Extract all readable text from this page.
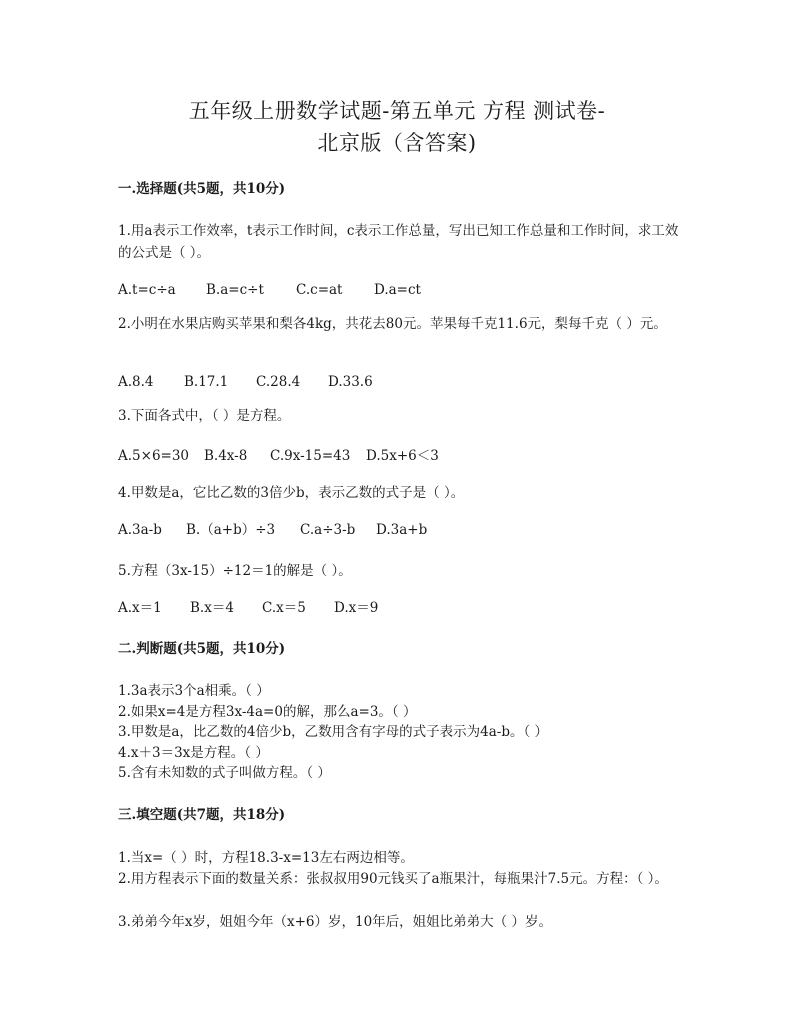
五年级上册数学试题-第五单元 方程 测试卷-
北京版（含答案)
一.选择题(共5题，共10分)
1.用a表示工作效率，t表示工作时间，c表示工作总量，写出已知工作总量和工作时间，求工效的公式是（ ）。
A.t=c÷a B.a=c÷t C.c=at D.a=ct
2.小明在水果店购买苹果和梨各4kg，共花去80元。苹果每千克11.6元，梨每千克（ ）元。
A.8.4 B.17.1 C.28.4 D.33.6
3.下面各式中，（ ）是方程。
A.5×6=30 B.4x-8 C.9x-15=43 D.5x+6＜3
4.甲数是a，它比乙数的3倍少b，表示乙数的式子是（ ）。
A.3a-b B.（a+b）÷3 C.a÷3-b D.3a+b
5.方程（3x-15）÷12＝1的解是（ ）。
A.x＝1 B.x＝4 C.x＝5 D.x＝9
二.判断题(共5题，共10分)
1.3a表示3个a相乘。（ ）
2.如果x=4是方程3x-4a=0的解，那么a=3。（ ）
3.甲数是a，比乙数的4倍少b，乙数用含有字母的式子表示为4a-b。（ ）
4.x＋3＝3x是方程。（ ）
5.含有未知数的式子叫做方程。（ ）
三.填空题(共7题，共18分)
1.当x=（ ）时，方程18.3-x=13左右两边相等。
2.用方程表示下面的数量关系：张叔叔用90元钱买了a瓶果汁，每瓶果汁7.5元。方程：（ ）。
3.弟弟今年x岁，姐姐今年（x+6）岁，10年后，姐姐比弟弟大（ ）岁。
